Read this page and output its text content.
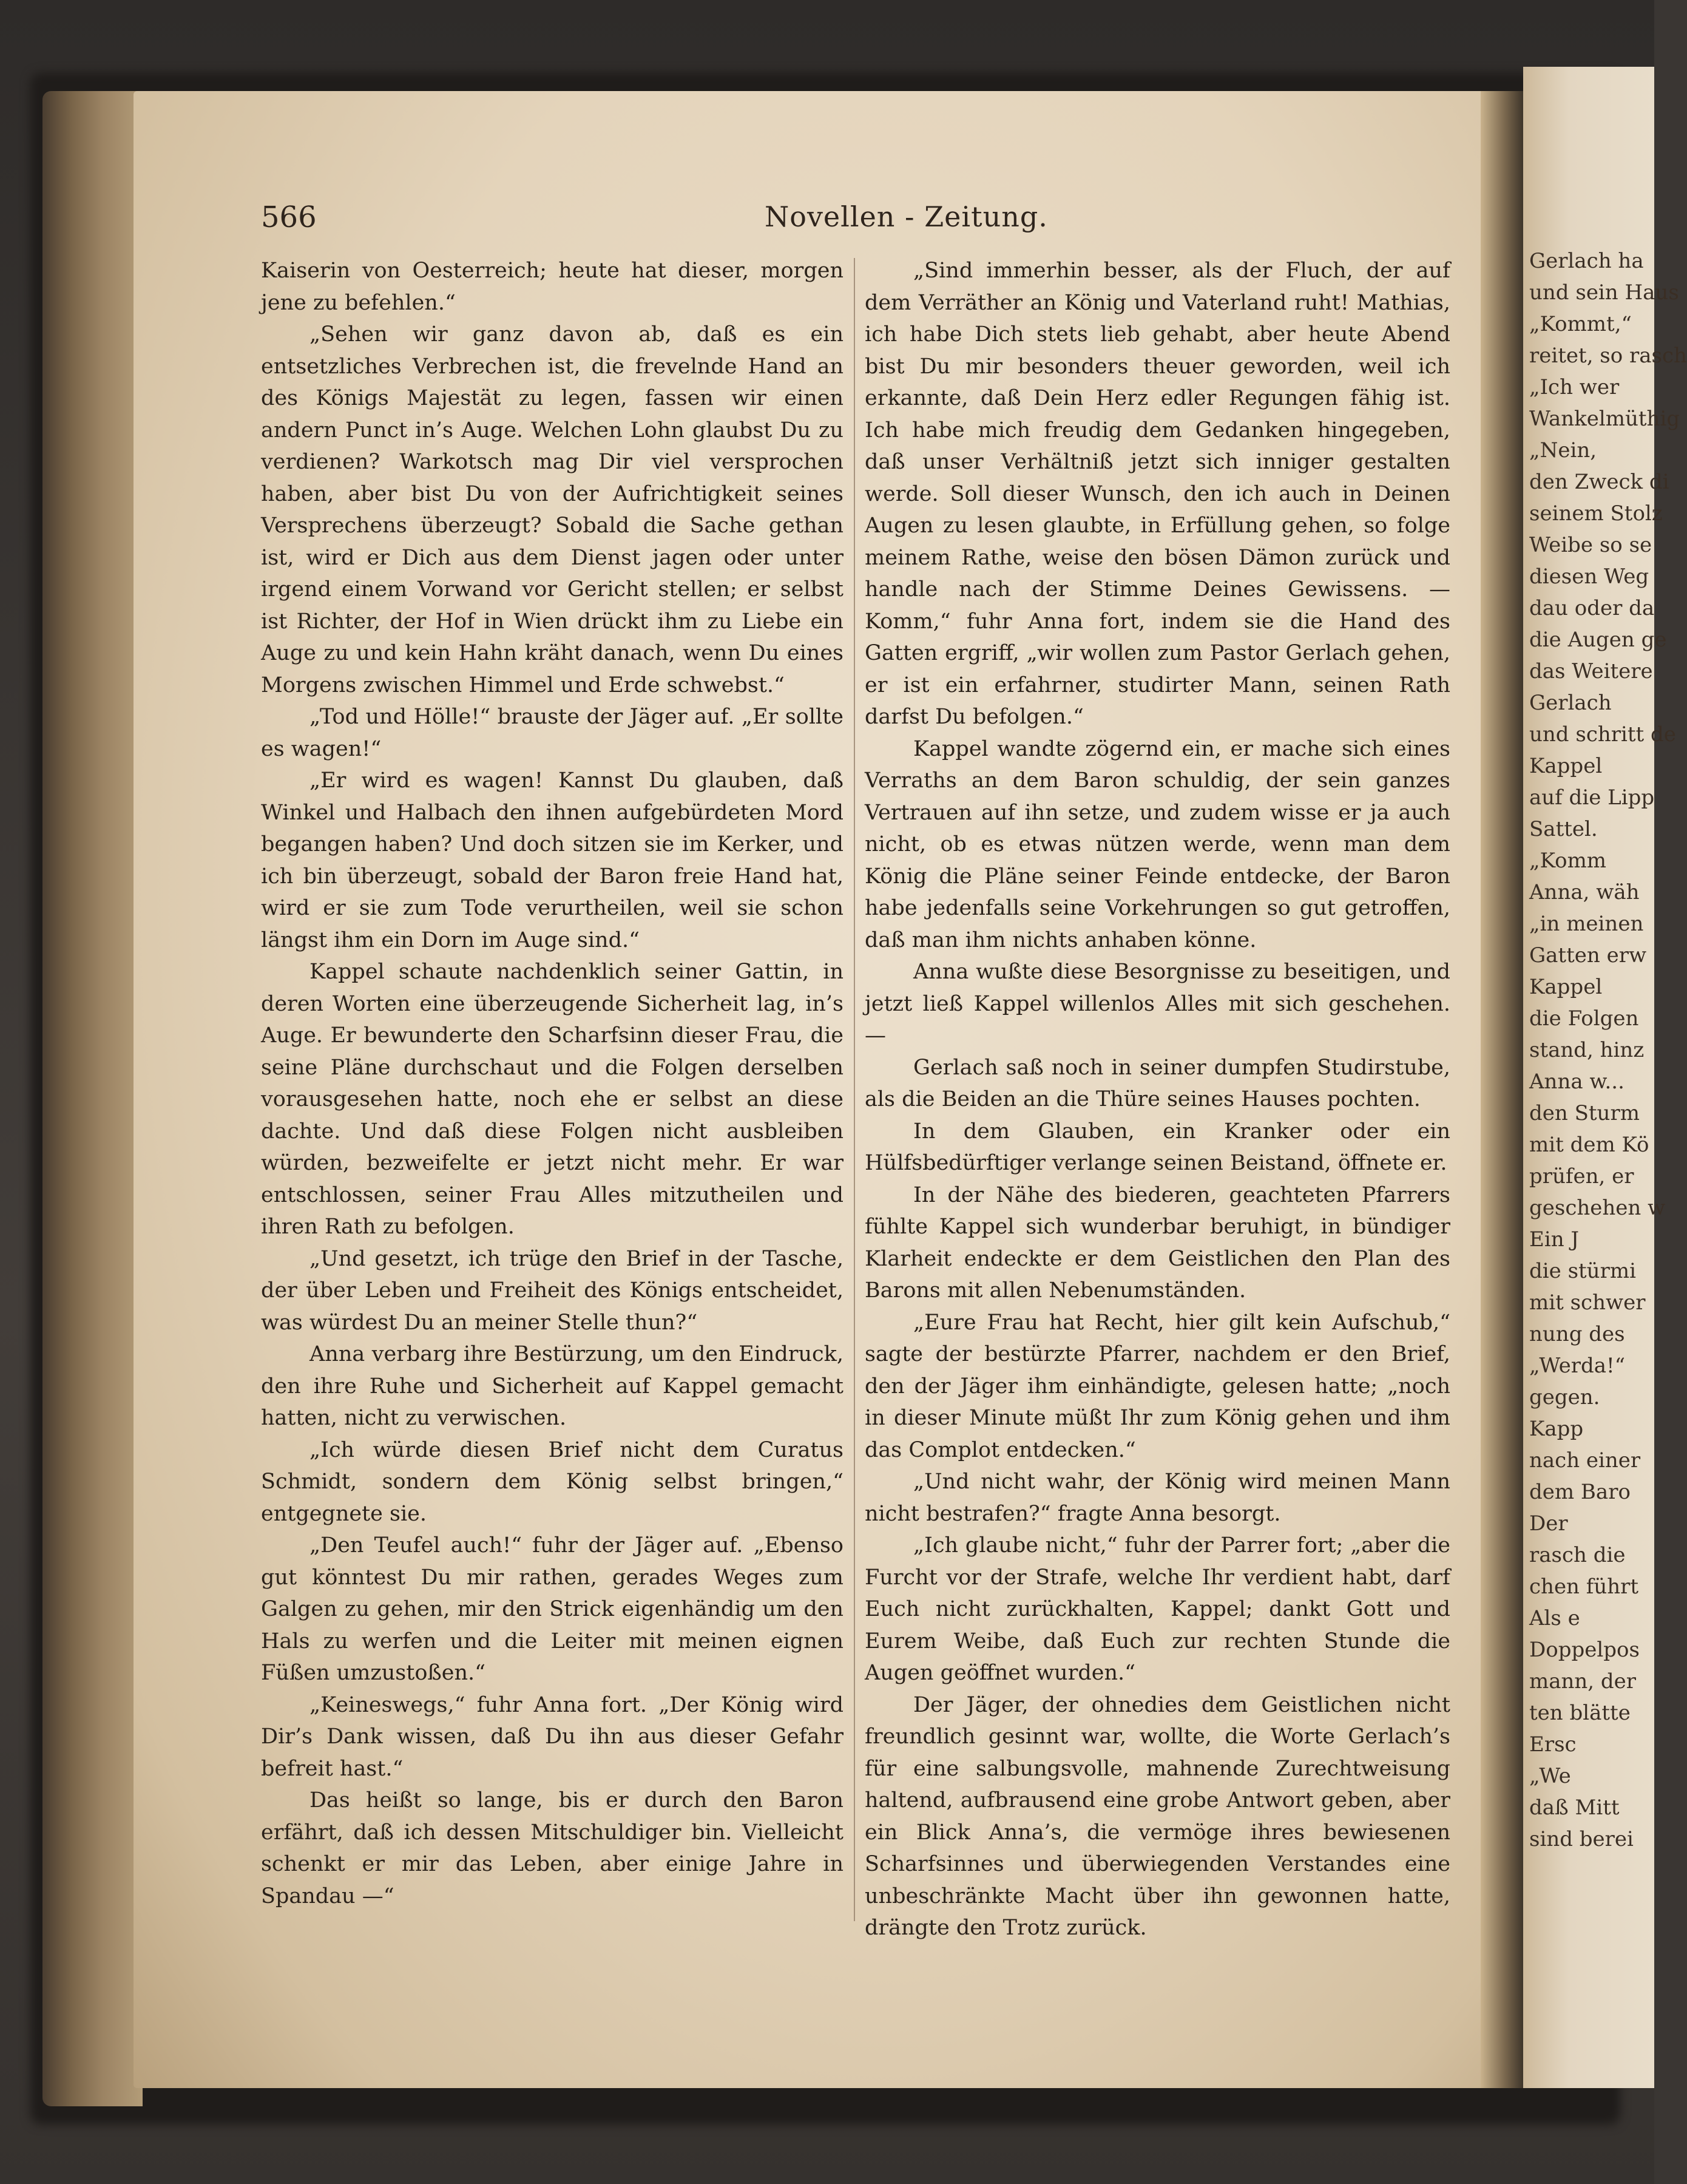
Gerlach ha
und sein Haus
„Kommt,“
reitet, so rasch
„Ich wer
Wankelmüthig
„Nein,
den Zweck di
seinem Stolz
Weibe so se
diesen Weg
dau oder da
die Augen ge
das Weitere
Gerlach
und schritt de
Kappel
auf die Lipp
Sattel.
„Komm
Anna, wäh
„in meinen
Gatten erw
Kappel
die Folgen
stand, hinz
Anna w...
den Sturm
mit dem Kö
prüfen, er
geschehen w
Ein J
die stürmi
mit schwer
nung des
„Werda!“
gegen.
Kapp
nach einer
dem Baro
Der
rasch die
chen führt
Als e
Doppelpos
mann, der
ten blätte
Ersc
„We
daß Mitt
sind berei
566	Novellen - Zeitung.

Kaiserin von Oesterreich; heute hat dieser, morgen jene zu befehlen.“

„Sehen wir ganz davon ab, daß es ein entsetzliches Verbrechen ist, die frevelnde Hand an des Königs Majestät zu legen, fassen wir einen andern Punct in’s Auge. Welchen Lohn glaubst Du zu verdienen? Warkotsch mag Dir viel versprochen haben, aber bist Du von der Aufrichtigkeit seines Versprechens überzeugt? Sobald die Sache gethan ist, wird er Dich aus dem Dienst jagen oder unter irgend einem Vorwand vor Gericht stellen; er selbst ist Richter, der Hof in Wien drückt ihm zu Liebe ein Auge zu und kein Hahn kräht danach, wenn Du eines Morgens zwischen Himmel und Erde schwebst.“

„Tod und Hölle!“ brauste der Jäger auf. „Er sollte es wagen!“

„Er wird es wagen! Kannst Du glauben, daß Winkel und Halbach den ihnen aufgebürdeten Mord begangen haben? Und doch sitzen sie im Kerker, und ich bin überzeugt, sobald der Baron freie Hand hat, wird er sie zum Tode verurtheilen, weil sie schon längst ihm ein Dorn im Auge sind.“

Kappel schaute nachdenklich seiner Gattin, in deren Worten eine überzeugende Sicherheit lag, in’s Auge. Er bewunderte den Scharfsinn dieser Frau, die seine Pläne durchschaut und die Folgen derselben vorausgesehen hatte, noch ehe er selbst an diese dachte. Und daß diese Folgen nicht ausbleiben würden, bezweifelte er jetzt nicht mehr. Er war entschlossen, seiner Frau Alles mitzutheilen und ihren Rath zu befolgen.

„Und gesetzt, ich trüge den Brief in der Tasche, der über Leben und Freiheit des Königs entscheidet, was würdest Du an meiner Stelle thun?“

Anna verbarg ihre Bestürzung, um den Eindruck, den ihre Ruhe und Sicherheit auf Kappel gemacht hatten, nicht zu verwischen.

„Ich würde diesen Brief nicht dem Curatus Schmidt, sondern dem König selbst bringen,“ entgegnete sie.

„Den Teufel auch!“ fuhr der Jäger auf. „Ebenso gut könntest Du mir rathen, gerades Weges zum Galgen zu gehen, mir den Strick eigenhändig um den Hals zu werfen und die Leiter mit meinen eignen Füßen umzustoßen.“

„Keineswegs,“ fuhr Anna fort. „Der König wird Dir’s Dank wissen, daß Du ihn aus dieser Gefahr befreit hast.“

Das heißt so lange, bis er durch den Baron erfährt, daß ich dessen Mitschuldiger bin. Vielleicht schenkt er mir das Leben, aber einige Jahre in Spandau —“

„Sind immerhin besser, als der Fluch, der auf dem Verräther an König und Vaterland ruht! Mathias, ich habe Dich stets lieb gehabt, aber heute Abend bist Du mir besonders theuer geworden, weil ich erkannte, daß Dein Herz edler Regungen fähig ist. Ich habe mich freudig dem Gedanken hingegeben, daß unser Verhältniß jetzt sich inniger gestalten werde. Soll dieser Wunsch, den ich auch in Deinen Augen zu lesen glaubte, in Erfüllung gehen, so folge meinem Rathe, weise den bösen Dämon zurück und handle nach der Stimme Deines Gewissens. — Komm,“ fuhr Anna fort, indem sie die Hand des Gatten ergriff, „wir wollen zum Pastor Gerlach gehen, er ist ein erfahrner, studirter Mann, seinen Rath darfst Du befolgen.“

Kappel wandte zögernd ein, er mache sich eines Verraths an dem Baron schuldig, der sein ganzes Vertrauen auf ihn setze, und zudem wisse er ja auch nicht, ob es etwas nützen werde, wenn man dem König die Pläne seiner Feinde entdecke, der Baron habe jedenfalls seine Vorkehrungen so gut getroffen, daß man ihm nichts anhaben könne.

Anna wußte diese Besorgnisse zu beseitigen, und jetzt ließ Kappel willenlos Alles mit sich geschehen. —

Gerlach saß noch in seiner dumpfen Studirstube, als die Beiden an die Thüre seines Hauses pochten.

In dem Glauben, ein Kranker oder ein Hülfsbedürftiger verlange seinen Beistand, öffnete er.

In der Nähe des biederen, geachteten Pfarrers fühlte Kappel sich wunderbar beruhigt, in bündiger Klarheit endeckte er dem Geistlichen den Plan des Barons mit allen Nebenumständen.

„Eure Frau hat Recht, hier gilt kein Aufschub,“ sagte der bestürzte Pfarrer, nachdem er den Brief, den der Jäger ihm einhändigte, gelesen hatte; „noch in dieser Minute müßt Ihr zum König gehen und ihm das Complot entdecken.“

„Und nicht wahr, der König wird meinen Mann nicht bestrafen?“ fragte Anna besorgt.

„Ich glaube nicht,“ fuhr der Parrer fort; „aber die Furcht vor der Strafe, welche Ihr verdient habt, darf Euch nicht zurückhalten, Kappel; dankt Gott und Eurem Weibe, daß Euch zur rechten Stunde die Augen geöffnet wurden.“

Der Jäger, der ohnedies dem Geistlichen nicht freundlich gesinnt war, wollte, die Worte Gerlach’s für eine salbungsvolle, mahnende Zurechtweisung haltend, aufbrausend eine grobe Antwort geben, aber ein Blick Anna’s, die vermöge ihres bewiesenen Scharfsinnes und überwiegenden Verstandes eine unbeschränkte Macht über ihn gewonnen hatte, drängte den Trotz zurück.
